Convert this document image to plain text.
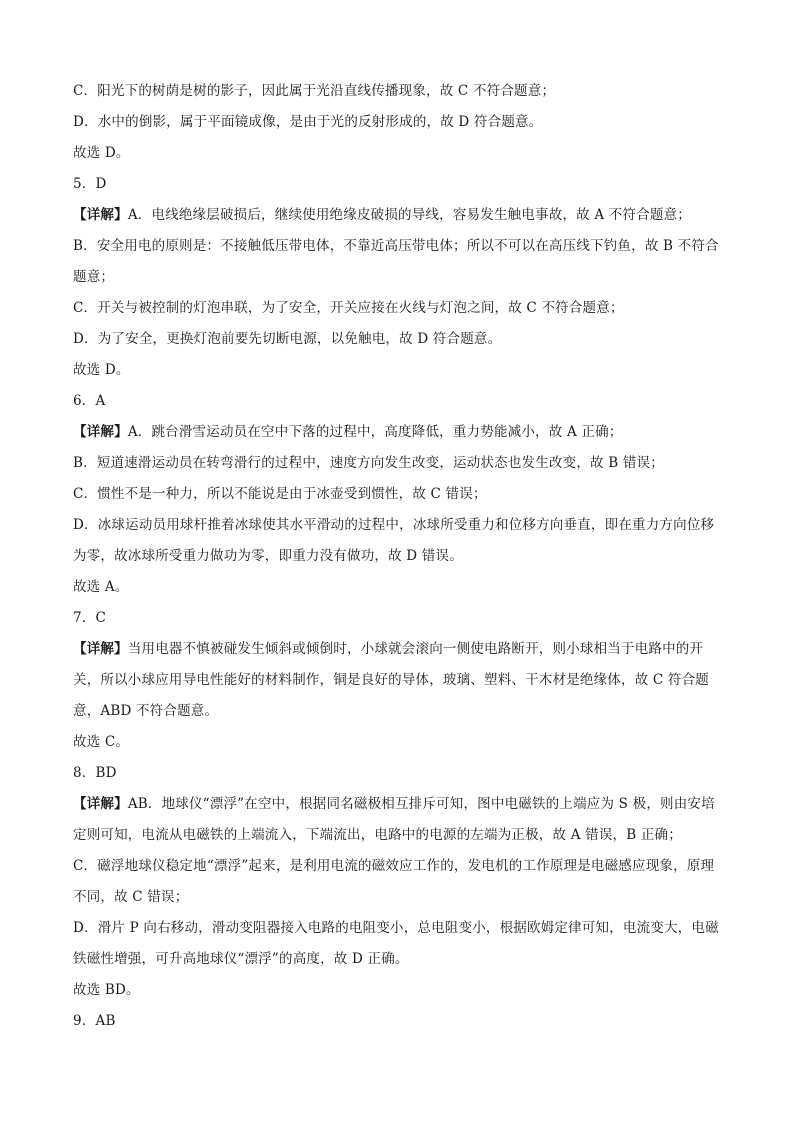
C．阳光下的树荫是树的影子，因此属于光沿直线传播现象，故 C 不符合题意；
D．水中的倒影，属于平面镜成像，是由于光的反射形成的，故 D 符合题意。
故选 D。
5．D
【详解】A．电线绝缘层破损后，继续使用绝缘皮破损的导线，容易发生触电事故，故 A 不符合题意；
B．安全用电的原则是：不接触低压带电体，不靠近高压带电体；所以不可以在高压线下钓鱼，故 B 不符合
题意；
C．开关与被控制的灯泡串联，为了安全，开关应接在火线与灯泡之间，故 C 不符合题意；
D．为了安全，更换灯泡前要先切断电源，以免触电，故 D 符合题意。
故选 D。
6．A
【详解】A．跳台滑雪运动员在空中下落的过程中，高度降低，重力势能减小，故 A 正确；
B．短道速滑运动员在转弯滑行的过程中，速度方向发生改变，运动状态也发生改变，故 B 错误；
C．惯性不是一种力，所以不能说是由于冰壶受到惯性，故 C 错误；
D．冰球运动员用球杆推着冰球使其水平滑动的过程中，冰球所受重力和位移方向垂直，即在重力方向位移
为零，故冰球所受重力做功为零，即重力没有做功，故 D 错误。
故选 A。
7．C
【详解】当用电器不慎被碰发生倾斜或倾倒时，小球就会滚向一侧使电路断开，则小球相当于电路中的开
关，所以小球应用导电性能好的材料制作，铜是良好的导体，玻璃、塑料、干木材是绝缘体，故 C 符合题
意，ABD 不符合题意。
故选 C。
8．BD
【详解】AB．地球仪“漂浮”在空中，根据同名磁极相互排斥可知，图中电磁铁的上端应为 S 极，则由安培
定则可知，电流从电磁铁的上端流入，下端流出，电路中的电源的左端为正极，故 A 错误，B 正确；
C．磁浮地球仪稳定地“漂浮”起来，是利用电流的磁效应工作的，发电机的工作原理是电磁感应现象，原理
不同，故 C 错误；
D．滑片 P 向右移动，滑动变阻器接入电路的电阻变小，总电阻变小，根据欧姆定律可知，电流变大，电磁
铁磁性增强，可升高地球仪“漂浮”的高度，故 D 正确。
故选 BD。
9．AB
